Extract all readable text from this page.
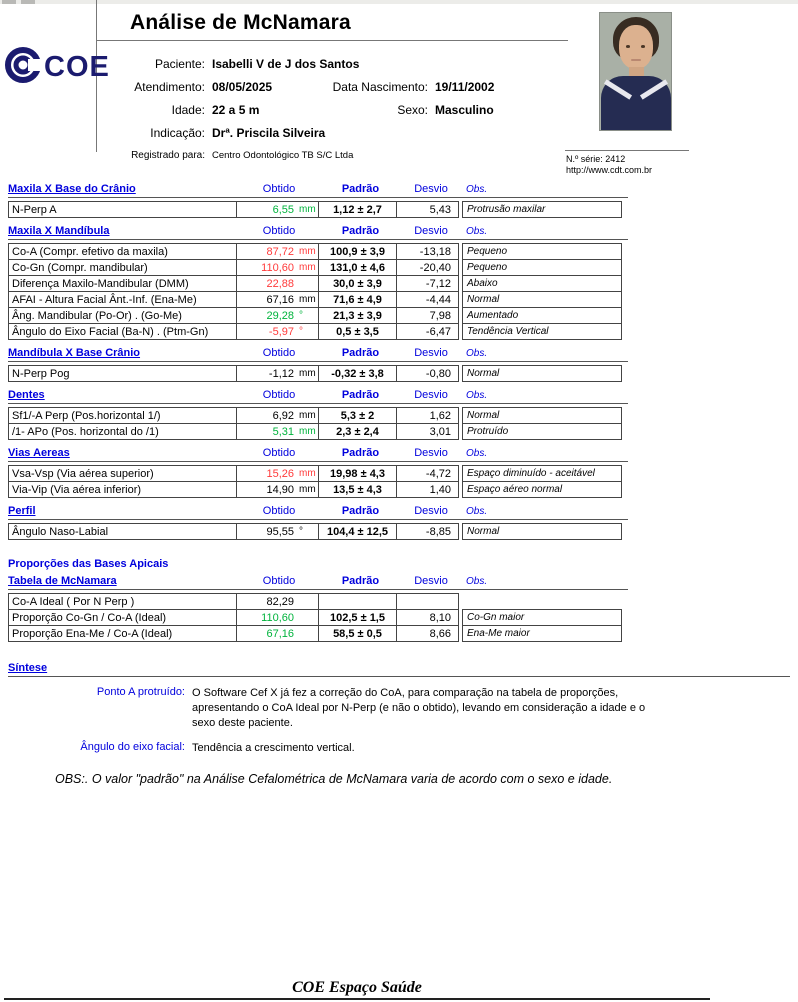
Análise de McNamara
COE	Paciente: Isabelli V de J dos Santos
Atendimento: 08/05/2025	Data Nascimento: 19/11/2002
Idade: 22 a 5 m	Sexo: Masculino
Indicação: Drª. Priscila Silveira
Registrado para: Centro Odontológico TB S/C Ltda	N.º série: 2412
http://www.cdt.com.br
Maxila X Base do Crânio	Obtido	Padrão	Desvio	Obs.
N-Perp A	6,55 mm	1,12 ± 2,7	5,43	Protrusão maxilar
Maxila X Mandíbula	Obtido	Padrão	Desvio	Obs.
Co-A (Compr. efetivo da maxila)	87,72 mm	100,9 ± 3,9	-13,18	Pequeno
Co-Gn (Compr. mandibular)	110,60 mm	131,0 ± 4,6	-20,40	Pequeno
Diferença Maxilo-Mandibular (DMM)	22,88	30,0 ± 3,9	-7,12	Abaixo
AFAI - Altura Facial Ânt.-Inf. (Ena-Me)	67,16 mm	71,6 ± 4,9	-4,44	Normal
Âng. Mandibular (Po-Or) . (Go-Me)	29,28 °	21,3 ± 3,9	7,98	Aumentado
Ângulo do Eixo Facial (Ba-N) . (Ptm-Gn)	-5,97 °	0,5 ± 3,5	-6,47	Tendência Vertical
Mandíbula X Base Crânio	Obtido	Padrão	Desvio	Obs.
N-Perp Pog	-1,12 mm	-0,32 ± 3,8	-0,80	Normal
Dentes	Obtido	Padrão	Desvio	Obs.
Sf1/-A Perp (Pos.horizontal 1/)	6,92 mm	5,3 ± 2	1,62	Normal
/1- APo (Pos. horizontal do /1)	5,31 mm	2,3 ± 2,4	3,01	Protruído
Vias Aereas	Obtido	Padrão	Desvio	Obs.
Vsa-Vsp (Via aérea superior)	15,26 mm	19,98 ± 4,3	-4,72	Espaço diminuído - aceitável
Via-Vip (Via aérea inferior)	14,90 mm	13,5 ± 4,3	1,40	Espaço aéreo normal
Perfil	Obtido	Padrão	Desvio	Obs.
Ângulo Naso-Labial	95,55 °	104,4 ± 12,5	-8,85	Normal
Proporções das Bases Apicais
Tabela de McNamara	Obtido	Padrão	Desvio	Obs.
Co-A Ideal ( Por N Perp )	82,29
Proporção Co-Gn / Co-A (Ideal)	110,60	102,5 ± 1,5	8,10	Co-Gn maior
Proporção Ena-Me / Co-A (Ideal)	67,16	58,5 ± 0,5	8,66	Ena-Me maior
Síntese
Ponto A protruído: O Software Cef X já fez a correção do CoA, para comparação na tabela de proporções, apresentando o CoA Ideal por N-Perp (e não o obtido), levando em consideração a idade e o sexo deste paciente.
Ângulo do eixo facial: Tendência a crescimento vertical.
OBS:. O valor "padrão" na Análise Cefalométrica de McNamara varia de acordo com o sexo e idade.
COE Espaço Saúde
